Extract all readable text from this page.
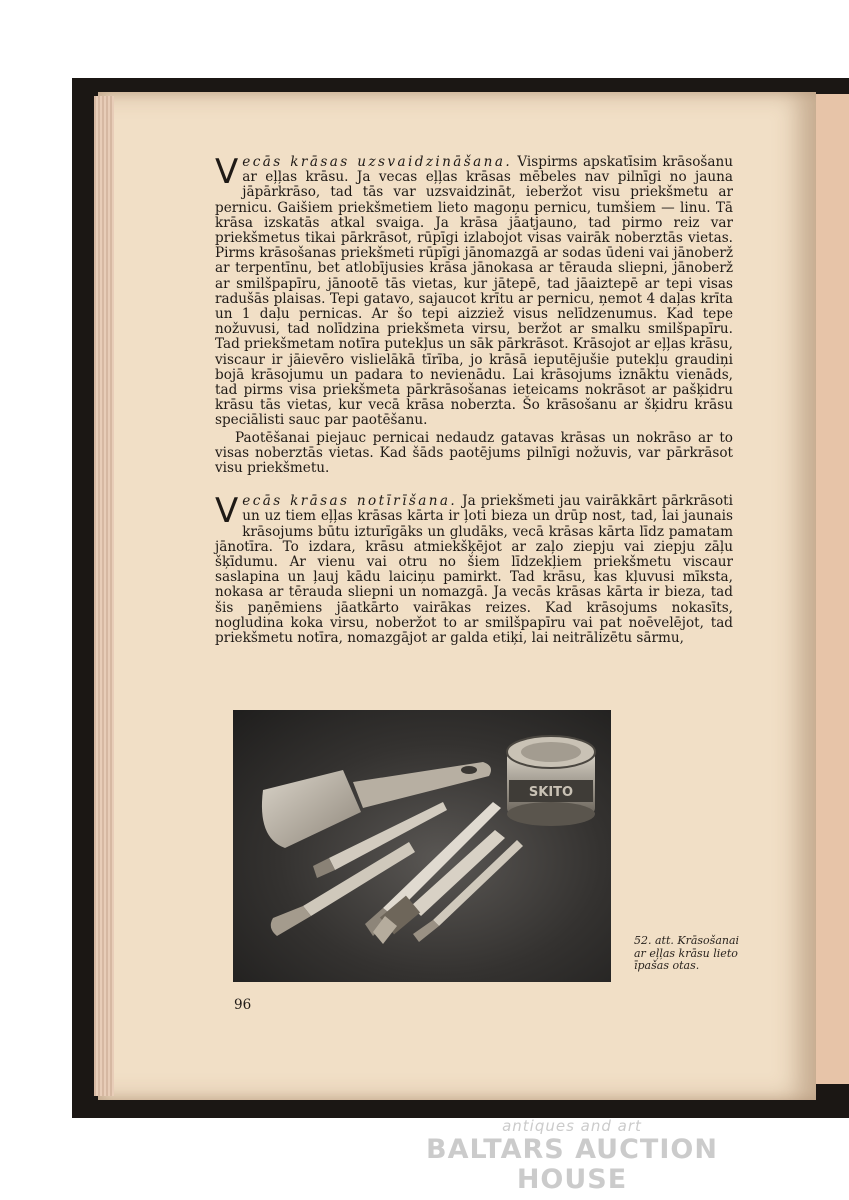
V ecās krāsas uzsvaidzināšana. Vispirms apskatīsim krāsošanu ar eļļas krāsu. Ja vecas eļļas krāsas mēbeles nav pilnīgi no jauna jāpārkrāso, tad tās var uzsvaidzināt, ieberžot visu priekšmetu ar pernicu. Gaišiem priekšmetiem lieto magoņu pernicu, tumšiem — linu. Tā krāsa izskatās atkal svaiga. Ja krāsa jāatjauno, tad pirmo reiz var priekšmetus tikai pārkrāsot, rūpīgi izlabojot visas vairāk noberztās vietas. Pirms krāsošanas priekšmeti rūpīgi jānomazgā ar sodas ūdeni vai jānoberž ar terpentīnu, bet atlobījusies krāsa jānokasa ar tērauda sliepni, jānoberž ar smilšpapīru, jānootē tās vietas, kur jātepē, tad jāaiztepē ar tepi visas radušās plaisas. Tepi gatavo, sajaucot krītu ar pernicu, ņemot 4 daļas krīta un 1 daļu pernicas. Ar šo tepi aizziež visus nelīdzenumus. Kad tepe nožuvusi, tad nolīdzina priekšmeta virsu, beržot ar smalku smilšpapīru. Tad priekšmetam notīra putekļus un sāk pārkrāsot. Krāsojot ar eļļas krāsu, viscaur ir jāievēro vislielākā tīrība, jo krāsā ieputējušie putekļu graudiņi bojā krāsojumu un padara to nevienādu. Lai krāsojums iznāktu vienāds, tad pirms visa priekšmeta pārkrāsošanas ieteicams nokrāsot ar pašķidru krāsu tās vietas, kur vecā krāsa noberzta. Šo krāsošanu ar šķidru krāsu speciālisti sauc par paotēšanu.

Paotēšanai piejauc pernicai nedaudz gatavas krāsas un nokrāso ar to visas noberztās vietas. Kad šāds paotējums pilnīgi nožuvis, var pārkrāsot visu priekšmetu.

V ecās krāsas notīrīšana. Ja priekšmeti jau vairākkārt pārkrāsoti un uz tiem eļļas krāsas kārta ir ļoti bieza un drūp nost, tad, lai jaunais krāsojums būtu izturīgāks un gludāks, vecā krāsas kārta līdz pamatam jānotīra. To izdara, krāsu atmiekšķējot ar zaļo ziepju vai ziepju zāļu šķīdumu. Ar vienu vai otru no šiem līdzekļiem priekšmetu viscaur saslapina un ļauj kādu laiciņu pamirkt. Tad krāsu, kas kļuvusi mīksta, nokasa ar tērauda sliepni un nomazgā. Ja vecās krāsas kārta ir bieza, tad šis paņēmiens jāatkārto vairākas reizes. Kad krāsojums nokasīts, nogludina koka virsu, noberžot to ar smilšpapīru vai pat noēvelējot, tad priekšmetu notīra, nomazgājot ar galda etiķi, lai neitrālizētu sārmu,

SKITO
52. att. Krāsošanai ar eļļas krāsu lieto īpašas otas.
96
antiques and art
BALTARS AUCTION HOUSE
